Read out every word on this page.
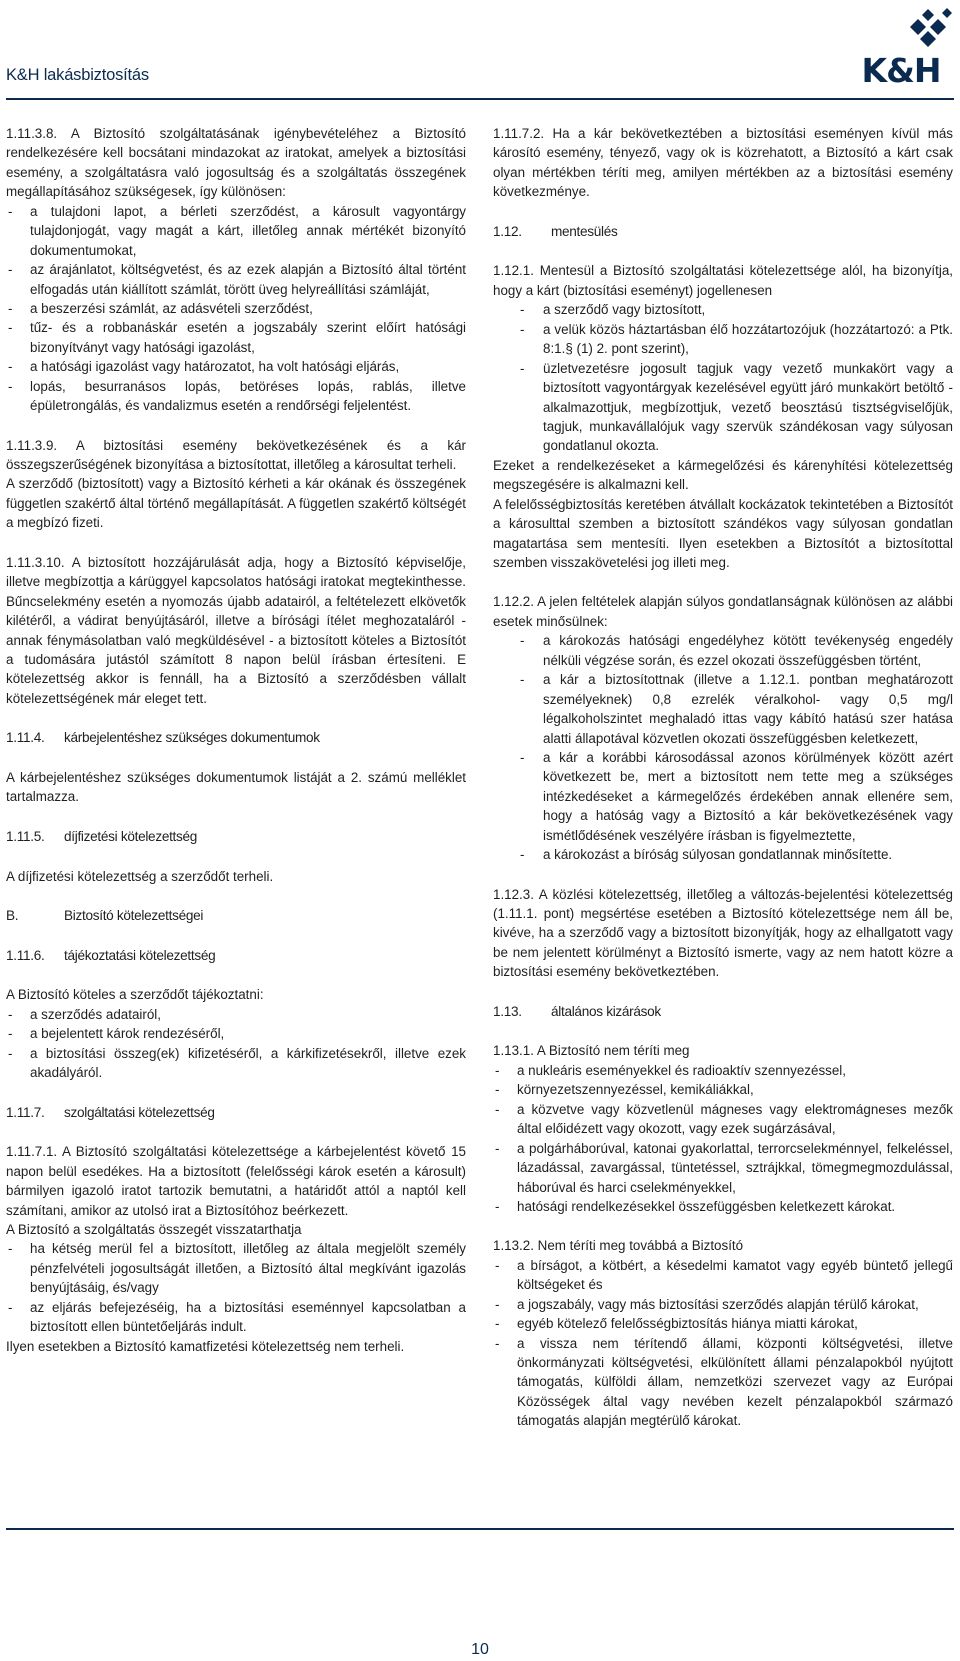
K&H lakásbiztosítás	K&H

1.11.3.8. A Biztosító szolgáltatásának igénybevételéhez a Biztosító rendelkezésére kell bocsátani mindazokat az iratokat, amelyek a biztosítási esemény, a szolgáltatásra való jogosultság és a szolgáltatás összegének megállapításához szükségesek, így különösen:

- a tulajdoni lapot, a bérleti szerződést, a károsult vagyontárgy tulajdonjogát, vagy magát a kárt, illetőleg annak mértékét bizonyító dokumentumokat,
- az árajánlatot, költségvetést, és az ezek alapján a Biztosító által történt elfogadás után kiállított számlát, törött üveg helyreállítási számláját,
- a beszerzési számlát, az adásvételi szerződést,
- tűz- és a robbanáskár esetén a jogszabály szerint előírt hatósági bizonyítványt vagy hatósági igazolást,
- a hatósági igazolást vagy határozatot, ha volt hatósági eljárás,
- lopás, besurranásos lopás, betöréses lopás, rablás, illetve épületrongálás, és vandalizmus esetén a rendőrségi feljelentést.

1.11.3.9. A biztosítási esemény bekövetkezésének és a kár összegszerűségének bizonyítása a biztosítottat, illetőleg a károsultat terheli.

A szerződő (biztosított) vagy a Biztosító kérheti a kár okának és összegének független szakértő által történő megállapítását. A független szakértő költségét a megbízó fizeti.

1.11.3.10. A biztosított hozzájárulását adja, hogy a Biztosító képviselője, illetve megbízottja a kárüggyel kapcsolatos hatósági iratokat megtekinthesse. Bűncselekmény esetén a nyomozás újabb adatairól, a feltételezett elkövetők kilétéről, a vádirat benyújtásáról, illetve a bírósági ítélet meghozataláról - annak fénymásolatban való megküldésével - a biztosított köteles a Biztosítót a tudomására jutástól számított 8 napon belül írásban értesíteni. E kötelezettség akkor is fennáll, ha a Biztosító a szerződésben vállalt kötelezettségének már eleget tett.

1.11.4. kárbejelentéshez szükséges dokumentumok

A kárbejelentéshez szükséges dokumentumok listáját a 2. számú melléklet tartalmazza.

1.11.5. díjfizetési kötelezettség

A díjfizetési kötelezettség a szerződőt terheli.

B.	Biztosító kötelezettségei

1.11.6. tájékoztatási kötelezettség

A Biztosító köteles a szerződőt tájékoztatni:

- a szerződés adatairól,
- a bejelentett károk rendezéséről,
- a biztosítási összeg(ek) kifizetéséről, a kárkifizetésekről, illetve ezek akadályáról.

1.11.7. szolgáltatási kötelezettség

1.11.7.1. A Biztosító szolgáltatási kötelezettsége a kárbejelentést követő 15 napon belül esedékes. Ha a biztosított (felelősségi károk esetén a károsult) bármilyen igazoló iratot tartozik bemutatni, a határidőt attól a naptól kell számítani, amikor az utolsó irat a Biztosítóhoz beérkezett.

A Biztosító a szolgáltatás összegét visszatarthatja

- ha kétség merül fel a biztosított, illetőleg az általa megjelölt személy pénzfelvételi jogosultságát illetően, a Biztosító által megkívánt igazolás benyújtásáig, és/vagy
- az eljárás befejezéséig, ha a biztosítási eseménnyel kapcsolatban a biztosított ellen büntetőeljárás indult.

Ilyen esetekben a Biztosító kamatfizetési kötelezettség nem terheli.

1.11.7.2. Ha a kár bekövetkeztében a biztosítási eseményen kívül más károsító esemény, tényező, vagy ok is közrehatott, a Biztosító a kárt csak olyan mértékben téríti meg, amilyen mértékben az a biztosítási esemény következménye.

1.12. mentesülés

1.12.1. Mentesül a Biztosító szolgáltatási kötelezettsége alól, ha bizonyítja, hogy a kárt (biztosítási eseményt) jogellenesen

- a szerződő vagy biztosított,
- a velük közös háztartásban élő hozzátartozójuk (hozzátartozó: a Ptk. 8:1.§ (1) 2. pont szerint),
- üzletvezetésre jogosult tagjuk vagy vezető munkakört vagy a biztosított vagyontárgyak kezelésével együtt járó munkakört betöltő - alkalmazottjuk, megbízottjuk, vezető beosztású tisztségviselőjük, tagjuk, munkavállalójuk vagy szervük szándékosan vagy súlyosan gondatlanul okozta.

Ezeket a rendelkezéseket a kármegelőzési és kárenyhítési kötelezettség megszegésére is alkalmazni kell.

A felelősségbiztosítás keretében átvállalt kockázatok tekintetében a Biztosítót a károsulttal szemben a biztosított szándékos vagy súlyosan gondatlan magatartása sem mentesíti. Ilyen esetekben a Biztosítót a biztosítottal szemben visszakövetelési jog illeti meg.

1.12.2. A jelen feltételek alapján súlyos gondatlanságnak különösen az alábbi esetek minősülnek:

- a károkozás hatósági engedélyhez kötött tevékenység engedély nélküli végzése során, és ezzel okozati összefüggésben történt,
- a kár a biztosítottnak (illetve a 1.12.1. pontban meghatározott személyeknek) 0,8 ezrelék véralkohol- vagy 0,5 mg/l légalkoholszintet meghaladó ittas vagy kábító hatású szer hatása alatti állapotával közvetlen okozati összefüggésben keletkezett,
- a kár a korábbi károsodással azonos körülmények között azért következett be, mert a biztosított nem tette meg a szükséges intézkedéseket a kármegelőzés érdekében annak ellenére sem, hogy a hatóság vagy a Biztosító a kár bekövetkezésének vagy ismétlődésének veszélyére írásban is figyelmeztette,
- a károkozást a bíróság súlyosan gondatlannak minősítette.

1.12.3. A közlési kötelezettség, illetőleg a változás-bejelentési kötelezettség (1.11.1. pont) megsértése esetében a Biztosító kötelezettsége nem áll be, kivéve, ha a szerződő vagy a biztosított bizonyítják, hogy az elhallgatott vagy be nem jelentett körülményt a Biztosító ismerte, vagy az nem hatott közre a biztosítási esemény bekövetkeztében.

1.13. általános kizárások

1.13.1. A Biztosító nem téríti meg

- a nukleáris eseményekkel és radioaktív szennyezéssel,
- környezetszennyezéssel, kemikáliákkal,
- a közvetve vagy közvetlenül mágneses vagy elektromágneses mezők által előidézett vagy okozott, vagy ezek sugárzásával,
- a polgárháborúval, katonai gyakorlattal, terrorcselekménnyel, felkeléssel, lázadással, zavargással, tüntetéssel, sztrájkkal, tömegmegmozdulással, háborúval és harci cselekményekkel,
- hatósági rendelkezésekkel összefüggésben keletkezett károkat.

1.13.2. Nem téríti meg továbbá a Biztosító

- a bírságot, a kötbért, a késedelmi kamatot vagy egyéb büntető jellegű költségeket és
- a jogszabály, vagy más biztosítási szerződés alapján térülő károkat,
- egyéb kötelező felelősségbiztosítás hiánya miatti károkat,
- a vissza nem térítendő állami, központi költségvetési, illetve önkormányzati költségvetési, elkülönített állami pénzalapokból nyújtott támogatás, külföldi állam, nemzetközi szervezet vagy az Európai Közösségek által vagy nevében kezelt pénzalapokból származó támogatás alapján megtérülő károkat.
10
